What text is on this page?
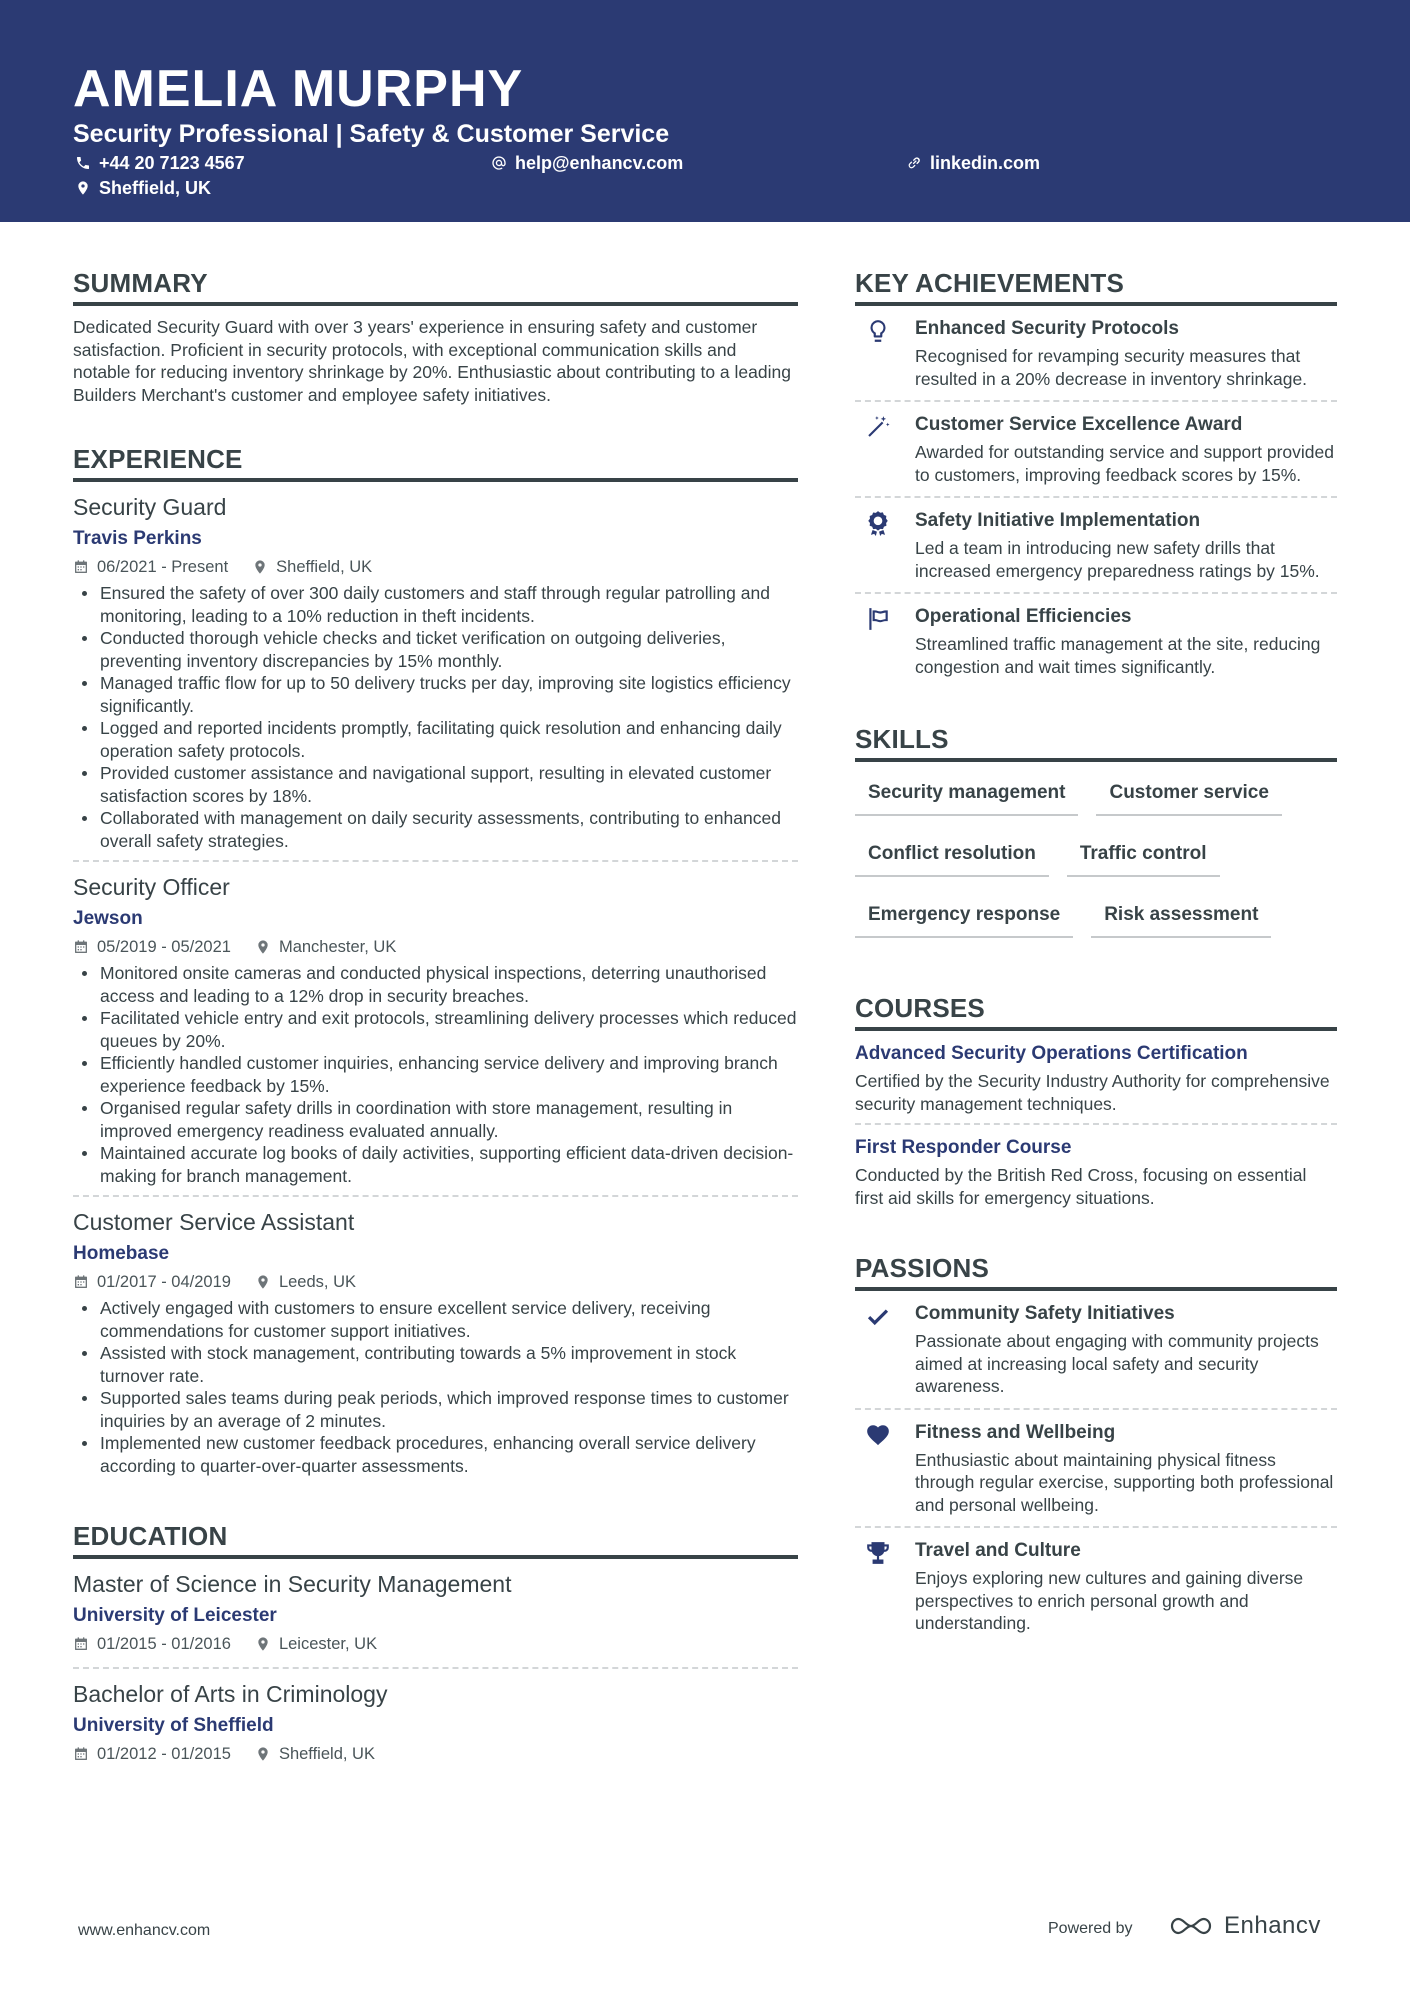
AMELIA MURPHY
Security Professional | Safety & Customer Service
+44 20 7123 4567	help@enhancv.com	linkedin.com
Sheffield, UK
SUMMARY

Dedicated Security Guard with over 3 years' experience in ensuring safety and customer satisfaction. Proficient in security protocols, with exceptional communication skills and notable for reducing inventory shrinkage by 20%. Enthusiastic about contributing to a leading Builders Merchant's customer and employee safety initiatives.

EXPERIENCE
Security Guard
Travis Perkins
06/2021 - Present	Sheffield, UK
Ensured the safety of over 300 daily customers and staff through regular patrolling and monitoring, leading to a 10% reduction in theft incidents.
Conducted thorough vehicle checks and ticket verification on outgoing deliveries, preventing inventory discrepancies by 15% monthly.
Managed traffic flow for up to 50 delivery trucks per day, improving site logistics efficiency significantly.
Logged and reported incidents promptly, facilitating quick resolution and enhancing daily operation safety protocols.
Provided customer assistance and navigational support, resulting in elevated customer satisfaction scores by 18%.
Collaborated with management on daily security assessments, contributing to enhanced overall safety strategies.
Security Officer
Jewson
05/2019 - 05/2021	Manchester, UK
Monitored onsite cameras and conducted physical inspections, deterring unauthorised access and leading to a 12% drop in security breaches.
Facilitated vehicle entry and exit protocols, streamlining delivery processes which reduced queues by 20%.
Efficiently handled customer inquiries, enhancing service delivery and improving branch experience feedback by 15%.
Organised regular safety drills in coordination with store management, resulting in improved emergency readiness evaluated annually.
Maintained accurate log books of daily activities, supporting efficient data-driven decision-making for branch management.
Customer Service Assistant
Homebase
01/2017 - 04/2019	Leeds, UK
Actively engaged with customers to ensure excellent service delivery, receiving commendations for customer support initiatives.
Assisted with stock management, contributing towards a 5% improvement in stock turnover rate.
Supported sales teams during peak periods, which improved response times to customer inquiries by an average of 2 minutes.
Implemented new customer feedback procedures, enhancing overall service delivery according to quarter-over-quarter assessments.
EDUCATION
Master of Science in Security Management
University of Leicester
01/2015 - 01/2016	Leicester, UK
Bachelor of Arts in Criminology
University of Sheffield
01/2012 - 01/2015	Sheffield, UK
KEY ACHIEVEMENTS
Enhanced Security Protocols
Recognised for revamping security measures that resulted in a 20% decrease in inventory shrinkage.
Customer Service Excellence Award
Awarded for outstanding service and support provided to customers, improving feedback scores by 15%.
Safety Initiative Implementation
Led a team in introducing new safety drills that increased emergency preparedness ratings by 15%.
Operational Efficiencies
Streamlined traffic management at the site, reducing congestion and wait times significantly.
SKILLS
Security management	Customer service
Conflict resolution	Traffic control
Emergency response	Risk assessment
COURSES
Advanced Security Operations Certification
Certified by the Security Industry Authority for comprehensive security management techniques.
First Responder Course
Conducted by the British Red Cross, focusing on essential first aid skills for emergency situations.
PASSIONS
Community Safety Initiatives
Passionate about engaging with community projects aimed at increasing local safety and security awareness.
Fitness and Wellbeing
Enthusiastic about maintaining physical fitness through regular exercise, supporting both professional and personal wellbeing.
Travel and Culture
Enjoys exploring new cultures and gaining diverse perspectives to enrich personal growth and understanding.
www.enhancv.com	Powered by	Enhancv
